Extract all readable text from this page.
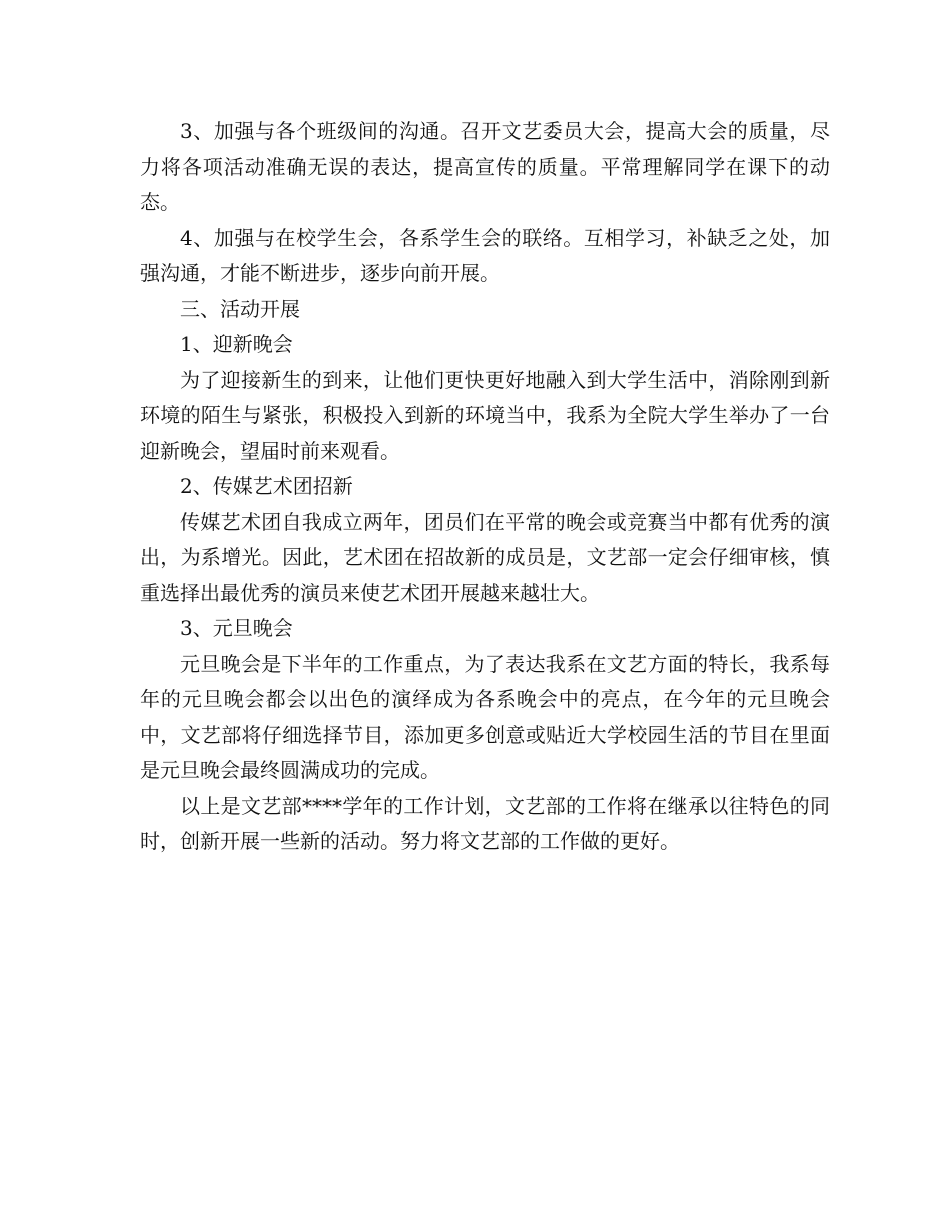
3、加强与各个班级间的沟通。召开文艺委员大会，提高大会的质量，尽力将各项活动准确无误的表达，提高宣传的质量。平常理解同学在课下的动态。

4、加强与在校学生会，各系学生会的联络。互相学习，补缺乏之处，加强沟通，才能不断进步，逐步向前开展。

三、活动开展

1、迎新晚会

为了迎接新生的到来，让他们更快更好地融入到大学生活中，消除刚到新环境的陌生与紧张，积极投入到新的环境当中，我系为全院大学生举办了一台迎新晚会，望届时前来观看。

2、传媒艺术团招新

传媒艺术团自我成立两年，团员们在平常的晚会或竞赛当中都有优秀的演出，为系增光。因此，艺术团在招故新的成员是，文艺部一定会仔细审核，慎重选择出最优秀的演员来使艺术团开展越来越壮大。

3、元旦晚会

元旦晚会是下半年的工作重点，为了表达我系在文艺方面的特长，我系每年的元旦晚会都会以出色的演绎成为各系晚会中的亮点，在今年的元旦晚会中，文艺部将仔细选择节目，添加更多创意或贴近大学校园生活的节目在里面是元旦晚会最终圆满成功的完成。

以上是文艺部****学年的工作计划，文艺部的工作将在继承以往特色的同时，创新开展一些新的活动。努力将文艺部的工作做的更好。
